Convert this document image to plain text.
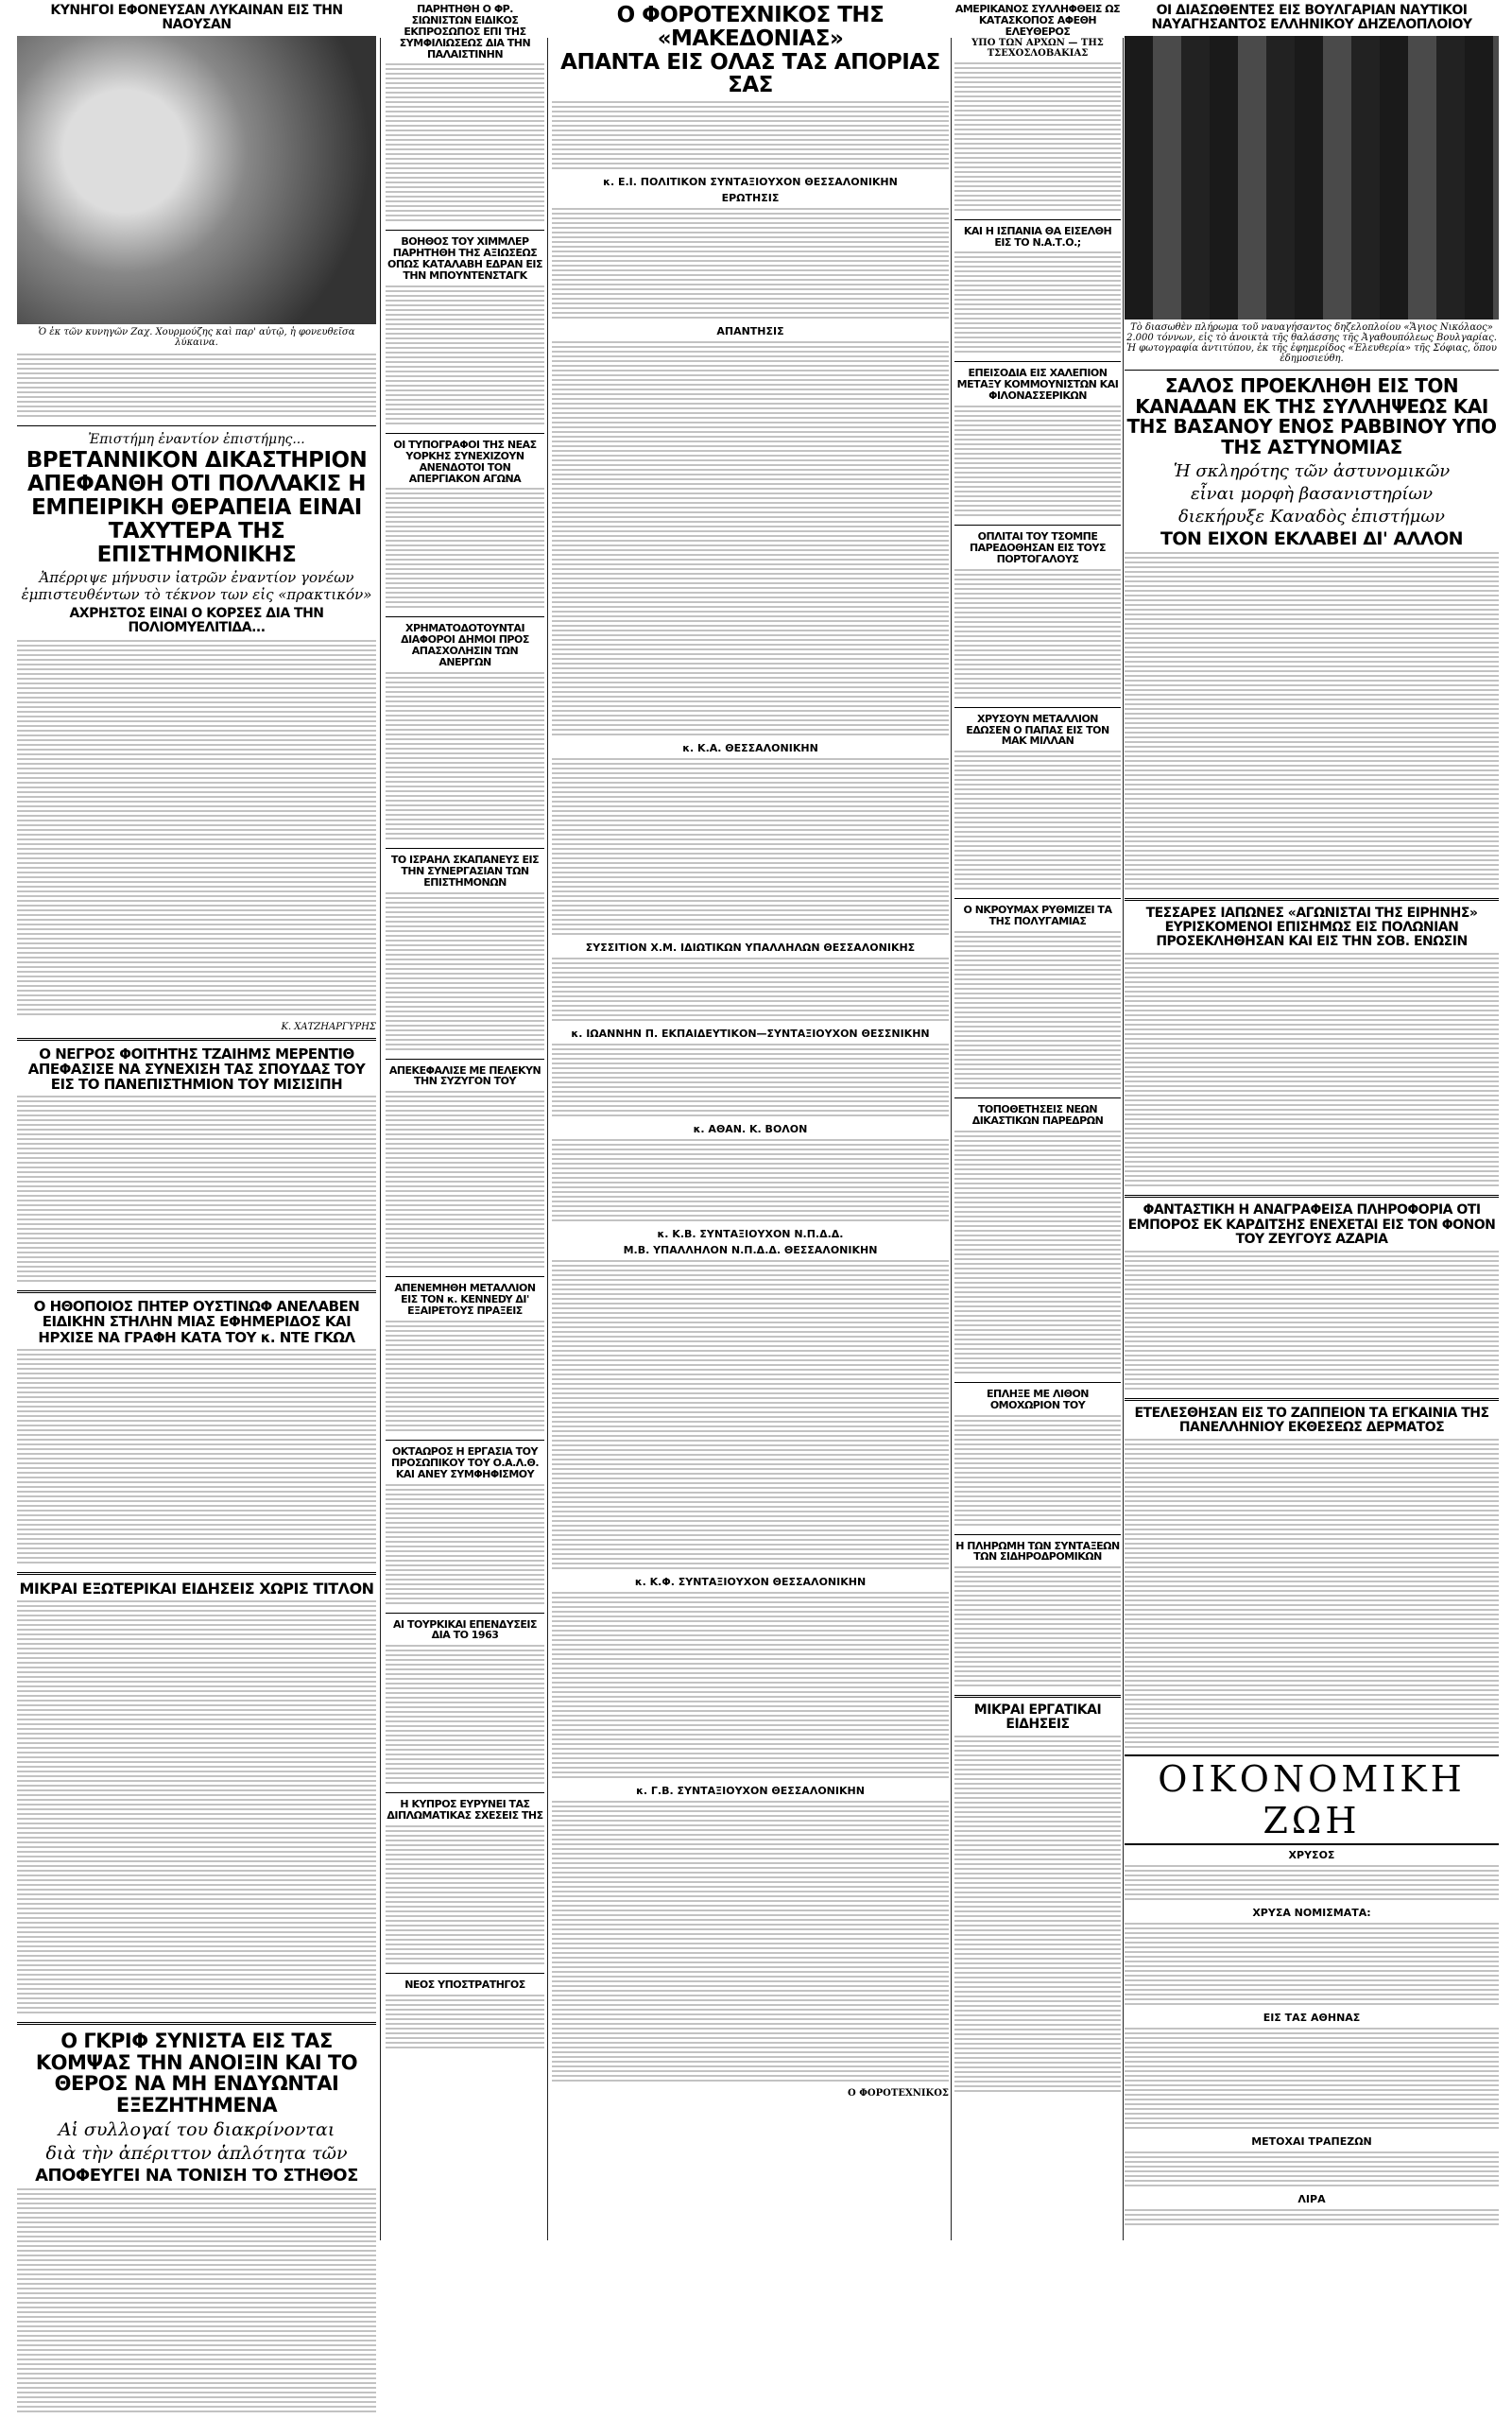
ΚΥΝΗΓΟΙ ΕΦΟΝΕΥΣΑΝ ΛΥΚΑΙΝΑΝ ΕΙΣ ΤΗΝ ΝΑΟΥΣΑΝ
Ὁ ἐκ τῶν κυνηγῶν Ζαχ. Χουρμούζης καὶ παρ' αὐτῷ, ἡ φονευθεῖσα λύκαινα.
Ἐπιστήμη ἐναντίον ἐπιστήμης...
ΒΡΕΤΑΝΝΙΚΟΝ ΔΙΚΑΣΤΗΡΙΟΝ ΑΠΕΦΑΝΘΗ ΟΤΙ ΠΟΛΛΑΚΙΣ Η ΕΜΠΕΙΡΙΚΗ ΘΕΡΑΠΕΙΑ ΕΙΝΑΙ ΤΑΧΥΤΕΡΑ ΤΗΣ ΕΠΙΣΤΗΜΟΝΙΚΗΣ
Ἀπέρριψε μήνυσιν ἰατρῶν ἐναντίον γονέων ἐμπιστευθέντων τὸ τέκνον των εἰς «πρακτικόν»
ΑΧΡΗΣΤΟΣ ΕΙΝΑΙ Ο ΚΟΡΣΕΣ ΔΙΑ ΤΗΝ ΠΟΛΙΟΜΥΕΛΙΤΙΔΑ...
Κ. ΧΑΤΖΗΑΡΓΥΡΗΣ
Ο ΝΕΓΡΟΣ ΦΟΙΤΗΤΗΣ ΤΖΑΙΗΜΣ ΜΕΡΕΝΤΙΘ ΑΠΕΦΑΣΙΣΕ ΝΑ ΣΥΝΕΧΙΣΗ ΤΑΣ ΣΠΟΥΔΑΣ ΤΟΥ ΕΙΣ ΤΟ ΠΑΝΕΠΙΣΤΗΜΙΟΝ ΤΟΥ ΜΙΣΙΣΙΠΗ
Ο ΗΘΟΠΟΙΟΣ ΠΗΤΕΡ ΟΥΣΤΙΝΩΦ ΑΝΕΛΑΒΕΝ ΕΙΔΙΚΗΝ ΣΤΗΛΗΝ ΜΙΑΣ ΕΦΗΜΕΡΙΔΟΣ ΚΑΙ ΗΡΧΙΣΕ ΝΑ ΓΡΑΦΗ ΚΑΤΑ ΤΟΥ κ. ΝΤΕ ΓΚΩΛ
ΜΙΚΡΑΙ ΕΞΩΤΕΡΙΚΑΙ ΕΙΔΗΣΕΙΣ ΧΩΡΙΣ ΤΙΤΛΟΝ
Ο ΓΚΡΙΦ ΣΥΝΙΣΤΑ ΕΙΣ ΤΑΣ ΚΟΜΨΑΣ ΤΗΝ ΑΝΟΙΞΙΝ ΚΑΙ ΤΟ ΘΕΡΟΣ ΝΑ ΜΗ ΕΝΔΥΩΝΤΑΙ ΕΞΕΖΗΤΗΜΕΝΑ
Αἱ συλλογαί του διακρίνονται
διὰ τὴν ἀπέριττον ἁπλότητα τῶν
ΑΠΟΦΕΥΓΕΙ ΝΑ ΤΟΝΙΣΗ ΤΟ ΣΤΗΘΟΣ
ΠΑΡΗΤΗΘΗ Ο ΦΡ. ΣΙΩΝΙΣΤΩΝ ΕΙΔΙΚΟΣ ΕΚΠΡΟΣΩΠΟΣ ΕΠΙ ΤΗΣ ΣΥΜΦΙΛΙΩΣΕΩΣ ΔΙΑ ΤΗΝ ΠΑΛΑΙΣΤΙΝΗΝ
ΒΟΗΘΟΣ ΤΟΥ ΧΙΜΜΛΕΡ ΠΑΡΗΤΗΘΗ ΤΗΣ ΑΞΙΩΣΕΩΣ ΟΠΩΣ ΚΑΤΑΛΑΒΗ ΕΔΡΑΝ ΕΙΣ ΤΗΝ ΜΠΟΥΝΤΕΝΣΤΑΓΚ
ΟΙ ΤΥΠΟΓΡΑΦΟΙ ΤΗΣ ΝΕΑΣ ΥΟΡΚΗΣ ΣΥΝΕΧΙΖΟΥΝ ΑΝΕΝΔΟΤΟΙ ΤΟΝ ΑΠΕΡΓΙΑΚΟΝ ΑΓΩΝΑ
ΧΡΗΜΑΤΟΔΟΤΟΥΝΤΑΙ ΔΙΑΦΟΡΟΙ ΔΗΜΟΙ ΠΡΟΣ ΑΠΑΣΧΟΛΗΣΙΝ ΤΩΝ ΑΝΕΡΓΩΝ
ΤΟ ΙΣΡΑΗΛ ΣΚΑΠΑΝΕΥΣ ΕΙΣ ΤΗΝ ΣΥΝΕΡΓΑΣΙΑΝ ΤΩΝ ΕΠΙΣΤΗΜΟΝΩΝ
ΑΠΕΚΕΦΑΛΙΣΕ ΜΕ ΠΕΛΕΚΥΝ ΤΗΝ ΣΥΖΥΓΟΝ ΤΟΥ
ΑΠΕΝΕΜΗΘΗ ΜΕΤΑΛΛΙΟΝ ΕΙΣ ΤΟΝ κ. KENNEDY ΔΙ' ΕΞΑΙΡΕΤΟΥΣ ΠΡΑΞΕΙΣ
ΟΚΤΑΩΡΟΣ Η ΕΡΓΑΣΙΑ ΤΟΥ ΠΡΟΣΩΠΙΚΟΥ ΤΟΥ Ο.Α.Λ.Θ. ΚΑΙ ΑΝΕΥ ΣΥΜΦΗΦΙΣΜΟΥ
ΑΙ ΤΟΥΡΚΙΚΑΙ ΕΠΕΝΔΥΣΕΙΣ ΔΙΑ ΤΟ 1963
Η ΚΥΠΡΟΣ ΕΥΡΥΝΕΙ ΤΑΣ ΔΙΠΛΩΜΑΤΙΚΑΣ ΣΧΕΣΕΙΣ ΤΗΣ
ΝΕΟΣ ΥΠΟΣΤΡΑΤΗΓΟΣ
Ο ΦΟΡΟΤΕΧΝΙΚΟΣ ΤΗΣ «ΜΑΚΕΔΟΝΙΑΣ»
ΑΠΑΝΤΑ ΕΙΣ ΟΛΑΣ ΤΑΣ ΑΠΟΡΙΑΣ ΣΑΣ
κ. Ε.Ι. ΠΟΛΙΤΙΚΟΝ ΣΥΝΤΑΞΙΟΥΧΟΝ ΘΕΣΣΑΛΟΝΙΚΗΝ
ΕΡΩΤΗΣΙΣ
ΑΠΑΝΤΗΣΙΣ
κ. Κ.Α. ΘΕΣΣΑΛΟΝΙΚΗΝ
ΣΥΣΣΙΤΙΟΝ Χ.Μ. ΙΔΙΩΤΙΚΩΝ ΥΠΑΛΛΗΛΩΝ ΘΕΣΣΑΛΟΝΙΚΗΣ
κ. ΙΩΑΝΝΗΝ Π. ΕΚΠΑΙΔΕΥΤΙΚΟΝ—ΣΥΝΤΑΞΙΟΥΧΟΝ ΘΕΣΣΝΙΚΗΝ
κ. ΑΘΑΝ. Κ. ΒΟΛΟΝ
κ. Κ.Β. ΣΥΝΤΑΞΙΟΥΧΟΝ Ν.Π.Δ.Δ.
Μ.Β. ΥΠΑΛΛΗΛΟΝ Ν.Π.Δ.Δ. ΘΕΣΣΑΛΟΝΙΚΗΝ
κ. Κ.Φ. ΣΥΝΤΑΞΙΟΥΧΟΝ ΘΕΣΣΑΛΟΝΙΚΗΝ
κ. Γ.Β. ΣΥΝΤΑΞΙΟΥΧΟΝ ΘΕΣΣΑΛΟΝΙΚΗΝ
Ο ΦΟΡΟΤΕΧΝΙΚΟΣ
ΑΜΕΡΙΚΑΝΟΣ ΣΥΛΛΗΦΘΕΙΣ ΩΣ ΚΑΤΑΣΚΟΠΟΣ ΑΦΕΘΗ ΕΛΕΥΘΕΡΟΣ
ΥΠΟ ΤΩΝ ΑΡΧΩΝ — ΤΗΣ ΤΣΕΧΟΣΛΟΒΑΚΙΑΣ
ΚΑΙ Η ΙΣΠΑΝΙΑ ΘΑ ΕΙΣΕΛΘΗ ΕΙΣ ΤΟ Ν.Α.Τ.Ο.;
ΕΠΕΙΣΟΔΙΑ ΕΙΣ ΧΑΛΕΠΙΟΝ ΜΕΤΑΞΥ ΚΟΜΜΟΥΝΙΣΤΩΝ ΚΑΙ ΦΙΛΟΝΑΣΣΕΡΙΚΩΝ
ΟΠΛΙΤΑΙ ΤΟΥ ΤΣΟΜΠΕ ΠΑΡΕΔΟΘΗΣΑΝ ΕΙΣ ΤΟΥΣ ΠΟΡΤΟΓΑΛΟΥΣ
ΧΡΥΣΟΥΝ ΜΕΤΑΛΛΙΟΝ ΕΔΩΣΕΝ Ο ΠΑΠΑΣ ΕΙΣ ΤΟΝ ΜΑΚ ΜΙΛΛΑΝ
Ο ΝΚΡΟΥΜΑΧ ΡΥΘΜΙΖΕΙ ΤΑ ΤΗΣ ΠΟΛΥΓΑΜΙΑΣ
ΤΟΠΟΘΕΤΗΣΕΙΣ ΝΕΩΝ ΔΙΚΑΣΤΙΚΩΝ ΠΑΡΕΔΡΩΝ
ΕΠΛΗΞΕ ΜΕ ΛΙΘΟΝ ΟΜΟΧΩΡΙΟΝ ΤΟΥ
Η ΠΛΗΡΩΜΗ ΤΩΝ ΣΥΝΤΑΞΕΩΝ ΤΩΝ ΣΙΔΗΡΟΔΡΟΜΙΚΩΝ
ΜΙΚΡΑΙ ΕΡΓΑΤΙΚΑΙ ΕΙΔΗΣΕΙΣ
ΟΙ ΔΙΑΣΩΘΕΝΤΕΣ ΕΙΣ ΒΟΥΛΓΑΡΙΑΝ ΝΑΥΤΙΚΟΙ ΝΑΥΑΓΗΣΑΝΤΟΣ ΕΛΛΗΝΙΚΟΥ ΔΗΖΕΛΟΠΛΟΙΟΥ
Τὸ διασωθὲν πλήρωμα τοῦ ναυαγήσαντος δηζελοπλοίου «Ἅγιος Νικόλαος» 2.000 τόννων, εἰς τὸ ἀνοικτὰ τῆς θαλάσσης τῆς Ἀγαθουπόλεως Βουλγαρίας. Ἡ φωτογραφία ἀντιτύπου, ἐκ τῆς ἐφημερίδος «Ἐλευθερία» τῆς Σόφιας, ὅπου ἐδημοσιεύθη.
ΣΑΛΟΣ ΠΡΟΕΚΛΗΘΗ ΕΙΣ ΤΟΝ ΚΑΝΑΔΑΝ ΕΚ ΤΗΣ ΣΥΛΛΗΨΕΩΣ ΚΑΙ ΤΗΣ ΒΑΣΑΝΟΥ ΕΝΟΣ ΡΑΒΒΙΝΟΥ ΥΠΟ ΤΗΣ ΑΣΤΥΝΟΜΙΑΣ
Ἡ σκληρότης τῶν ἀστυνομικῶν
εἶναι μορφὴ βασανιστηρίων
διεκήρυξε Καναδὸς ἐπιστήμων
ΤΟΝ ΕΙΧΟΝ ΕΚΛΑΒΕΙ ΔΙ' ΑΛΛΟΝ
ΤΕΣΣΑΡΕΣ ΙΑΠΩΝΕΣ «ΑΓΩΝΙΣΤΑΙ ΤΗΣ ΕΙΡΗΝΗΣ» ΕΥΡΙΣΚΟΜΕΝΟΙ ΕΠΙΣΗΜΩΣ ΕΙΣ ΠΟΛΩΝΙΑΝ ΠΡΟΣΕΚΛΗΘΗΣΑΝ ΚΑΙ ΕΙΣ ΤΗΝ ΣΟΒ. ΕΝΩΣΙΝ
ΦΑΝΤΑΣΤΙΚΗ Η ΑΝΑΓΡΑΦΕΙΣΑ ΠΛΗΡΟΦΟΡΙΑ ΟΤΙ ΕΜΠΟΡΟΣ ΕΚ ΚΑΡΔΙΤΣΗΣ ΕΝΕΧΕΤΑΙ ΕΙΣ ΤΟΝ ΦΟΝΟΝ ΤΟΥ ΖΕΥΓΟΥΣ ΑΖΑΡΙΑ
ΕΤΕΛΕΣΘΗΣΑΝ ΕΙΣ ΤΟ ΖΑΠΠΕΙΟΝ ΤΑ ΕΓΚΑΙΝΙΑ ΤΗΣ ΠΑΝΕΛΛΗΝΙΟΥ ΕΚΘΕΣΕΩΣ ΔΕΡΜΑΤΟΣ
ΟΙΚΟΝΟΜΙΚΗ ΖΩΗ
ΧΡΥΣΟΣ
ΧΡΥΣΑ ΝΟΜΙΣΜΑΤΑ:
ΕΙΣ ΤΑΣ ΑΘΗΝΑΣ
ΜΕΤΟΧΑΙ ΤΡΑΠΕΖΩΝ
ΛΙΡΑ
